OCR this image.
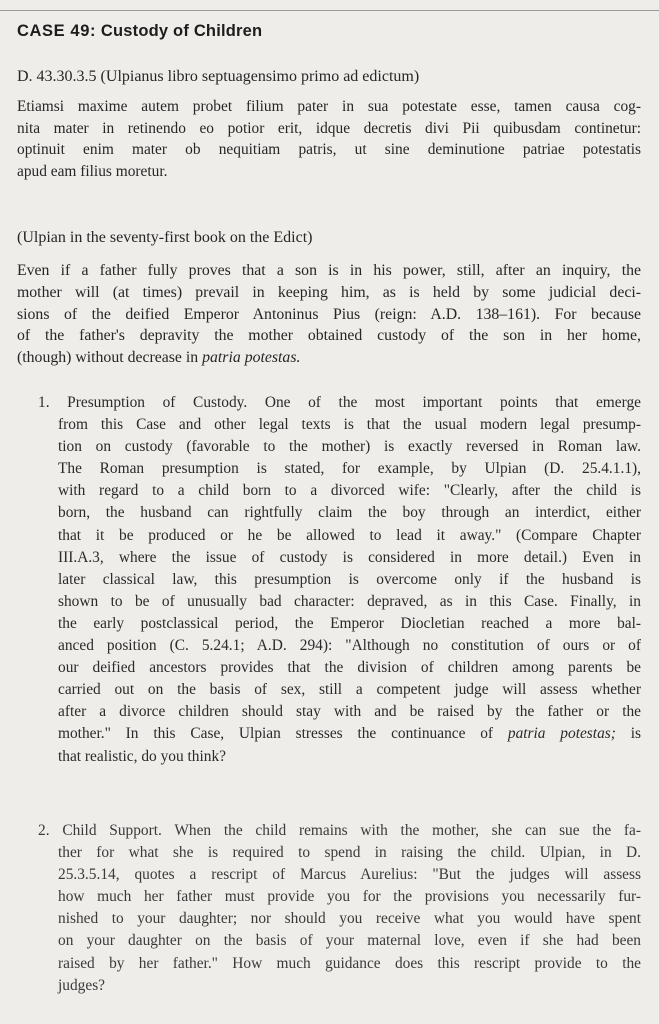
CASE 49: Custody of Children
D. 43.30.3.5 (Ulpianus libro septuagensimo primo ad edictum)
Etiamsi maxime autem probet filium pater in sua potestate esse, tamen causa cog-
nita mater in retinendo eo potior erit, idque decretis divi Pii quibusdam continetur:
optinuit enim mater ob nequitiam patris, ut sine deminutione patriae potestatis
apud eam filius moretur.
(Ulpian in the seventy-first book on the Edict)
Even if a father fully proves that a son is in his power, still, after an inquiry, the
mother will (at times) prevail in keeping him, as is held by some judicial deci-
sions of the deified Emperor Antoninus Pius (reign: A.D. 138–161). For because
of the father's depravity the mother obtained custody of the son in her home,
(though) without decrease in patria potestas.
1. Presumption of Custody. One of the most important points that emerge
from this Case and other legal texts is that the usual modern legal presump-
tion on custody (favorable to the mother) is exactly reversed in Roman law.
The Roman presumption is stated, for example, by Ulpian (D. 25.4.1.1),
with regard to a child born to a divorced wife: "Clearly, after the child is
born, the husband can rightfully claim the boy through an interdict, either
that it be produced or he be allowed to lead it away." (Compare Chapter
III.A.3, where the issue of custody is considered in more detail.) Even in
later classical law, this presumption is overcome only if the husband is
shown to be of unusually bad character: depraved, as in this Case. Finally, in
the early postclassical period, the Emperor Diocletian reached a more bal-
anced position (C. 5.24.1; A.D. 294): "Although no constitution of ours or of
our deified ancestors provides that the division of children among parents be
carried out on the basis of sex, still a competent judge will assess whether
after a divorce children should stay with and be raised by the father or the
mother." In this Case, Ulpian stresses the continuance of patria potestas; is
that realistic, do you think?
2. Child Support. When the child remains with the mother, she can sue the fa-
ther for what she is required to spend in raising the child. Ulpian, in D.
25.3.5.14, quotes a rescript of Marcus Aurelius: "But the judges will assess
how much her father must provide you for the provisions you necessarily fur-
nished to your daughter; nor should you receive what you would have spent
on your daughter on the basis of your maternal love, even if she had been
raised by her father." How much guidance does this rescript provide to the
judges?
